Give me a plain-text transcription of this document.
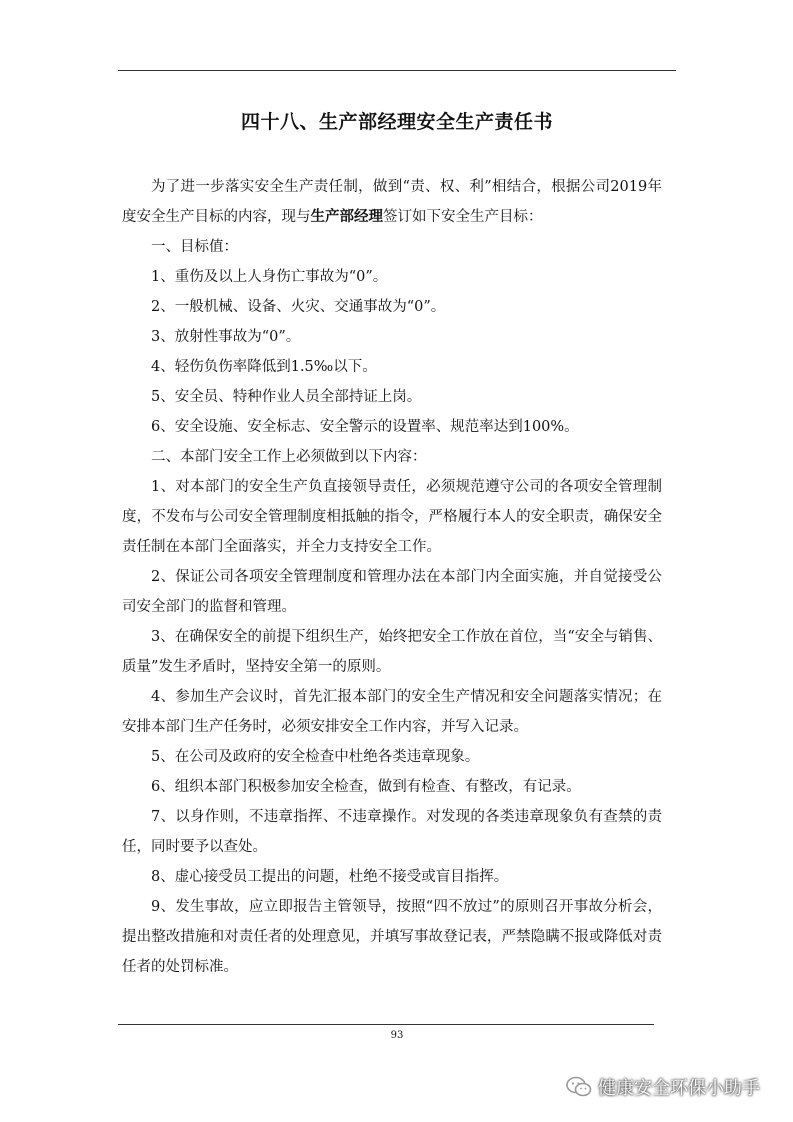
四十八、生产部经理安全生产责任书

为了进一步落实安全生产责任制，做到“责、权、利”相结合，根据公司2019年度安全生产目标的内容，现与生产部经理签订如下安全生产目标：

一、目标值：

1、重伤及以上人身伤亡事故为“0”。

2、一般机械、设备、火灾、交通事故为“0”。

3、放射性事故为“0”。

4、轻伤负伤率降低到1.5‰以下。

5、安全员、特种作业人员全部持证上岗。

6、安全设施、安全标志、安全警示的设置率、规范率达到100%。

二、本部门安全工作上必须做到以下内容：

1、对本部门的安全生产负直接领导责任，必须规范遵守公司的各项安全管理制度，不发布与公司安全管理制度相抵触的指令，严格履行本人的安全职责，确保安全责任制在本部门全面落实，并全力支持安全工作。

2、保证公司各项安全管理制度和管理办法在本部门内全面实施，并自觉接受公司安全部门的监督和管理。

3、在确保安全的前提下组织生产，始终把安全工作放在首位，当“安全与销售、质量”发生矛盾时，坚持安全第一的原则。

4、参加生产会议时，首先汇报本部门的安全生产情况和安全问题落实情况；在安排本部门生产任务时，必须安排安全工作内容，并写入记录。

5、在公司及政府的安全检查中杜绝各类违章现象。

6、组织本部门积极参加安全检查，做到有检查、有整改，有记录。

7、以身作则，不违章指挥、不违章操作。对发现的各类违章现象负有查禁的责任，同时要予以查处。

8、虚心接受员工提出的问题，杜绝不接受或盲目指挥。

9、发生事故，应立即报告主管领导，按照“四不放过”的原则召开事故分析会，提出整改措施和对责任者的处理意见，并填写事故登记表，严禁隐瞒不报或降低对责任者的处罚标准。

93
健康安全环保小助手
